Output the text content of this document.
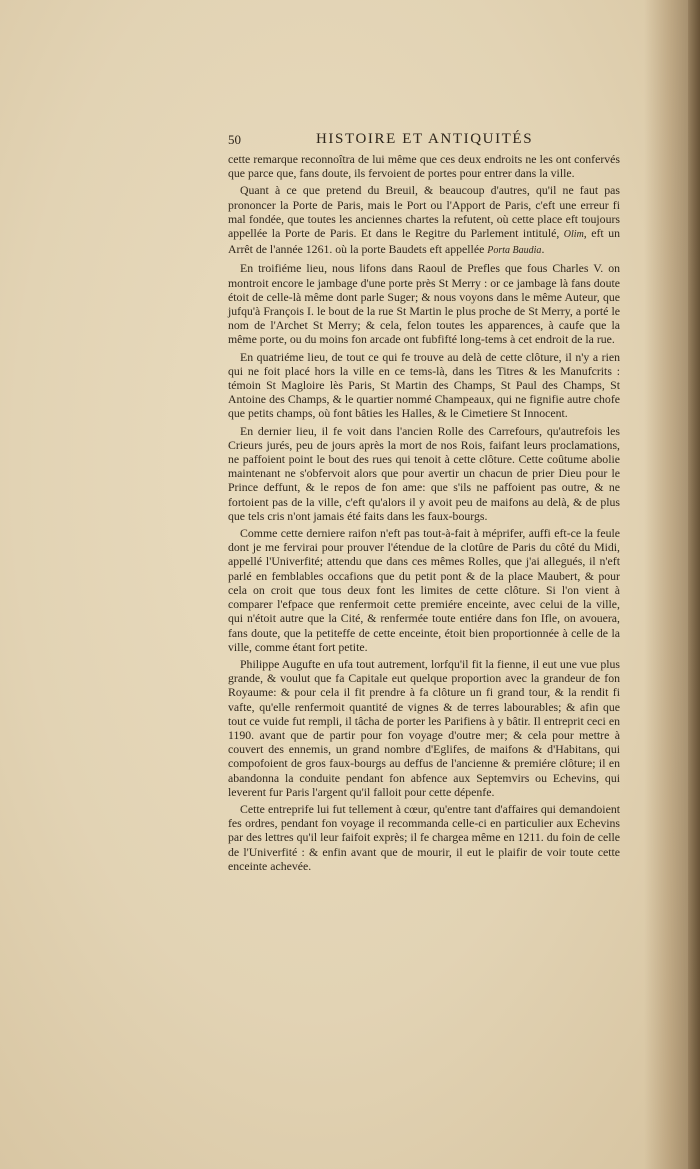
50	HISTOIRE ET ANTIQUITÉS

cette remarque reconnoîtra de lui même que ces deux endroits ne les ont confervés que parce que, fans doute, ils fervoient de portes pour entrer dans la ville.

Quant à ce que pretend du Breuil, & beaucoup d'autres, qu'il ne faut pas prononcer la Porte de Paris, mais le Port ou l'Apport de Paris, c'eft une erreur fi mal fondée, que toutes les anciennes chartes la refutent, où cette place eft toujours appellée la Porte de Paris. Et dans le Regitre du Parlement intitulé, Olim, eft un Arrêt de l'année 1261. où la porte Baudets eft appellée Porta Baudia.

En troifiéme lieu, nous lifons dans Raoul de Prefles que fous Charles V. on montroit encore le jambage d'une porte près St Merry : or ce jambage là fans doute étoit de celle-là même dont parle Suger; & nous voyons dans le même Auteur, que jufqu'à François I. le bout de la rue St Martin le plus proche de St Merry, a porté le nom de l'Archet St Merry; & cela, felon toutes les apparences, à caufe que la même porte, ou du moins fon arcade ont fubfifté long-tems à cet endroit de la rue.

En quatriéme lieu, de tout ce qui fe trouve au delà de cette clôture, il n'y a rien qui ne foit placé hors la ville en ce tems-là, dans les Titres & les Manufcrits : témoin St Magloire lès Paris, St Martin des Champs, St Paul des Champs, St Antoine des Champs, & le quartier nommé Champeaux, qui ne fignifie autre chofe que petits champs, où font bâties les Halles, & le Cimetiere St Innocent.

En dernier lieu, il fe voit dans l'ancien Rolle des Carrefours, qu'autrefois les Crieurs jurés, peu de jours après la mort de nos Rois, faifant leurs proclamations, ne paffoient point le bout des rues qui tenoit à cette clôture. Cette coûtume abolie maintenant ne s'obfervoit alors que pour avertir un chacun de prier Dieu pour le Prince deffunt, & le repos de fon ame: que s'ils ne paffoient pas outre, & ne fortoient pas de la ville, c'eft qu'alors il y avoit peu de maifons au delà, & de plus que tels cris n'ont jamais été faits dans les faux-bourgs.

Comme cette derniere raifon n'eft pas tout-à-fait à méprifer, auffi eft-ce la feule dont je me fervirai pour prouver l'étendue de la clotûre de Paris du côté du Midi, appellé l'Univerfité; attendu que dans ces mêmes Rolles, que j'ai allegués, il n'eft parlé en femblables occafions que du petit pont & de la place Maubert, & pour cela on croit que tous deux font les limites de cette clôture. Si l'on vient à comparer l'efpace que renfermoit cette premiére enceinte, avec celui de la ville, qui n'étoit autre que la Cité, & renfermée toute entiére dans fon Ifle, on avouera, fans doute, que la petiteffe de cette enceinte, étoit bien proportionnée à celle de la ville, comme étant fort petite.

Philippe Augufte en ufa tout autrement, lorfqu'il fit la fienne, il eut une vue plus grande, & voulut que fa Capitale eut quelque proportion avec la grandeur de fon Royaume: & pour cela il fit prendre à fa clôture un fi grand tour, & la rendit fi vafte, qu'elle renfermoit quantité de vignes & de terres labourables; & afin que tout ce vuide fut rempli, il tâcha de porter les Parifiens à y bâtir. Il entreprit ceci en 1190. avant que de partir pour fon voyage d'outre mer; & cela pour mettre à couvert des ennemis, un grand nombre d'Eglifes, de maifons & d'Habitans, qui compofoient de gros faux-bourgs au deffus de l'ancienne & premiére clôture; il en abandonna la conduite pendant fon abfence aux Septemvirs ou Echevins, qui leverent fur Paris l'argent qu'il falloit pour cette dépenfe.

Cette entreprife lui fut tellement à cœur, qu'entre tant d'affaires qui demandoient fes ordres, pendant fon voyage il recommanda celle-ci en particulier aux Echevins par des lettres qu'il leur faifoit exprès; il fe chargea même en 1211. du foin de celle de l'Univerfité : & enfin avant que de mourir, il eut le plaifir de voir toute cette enceinte achevée.
